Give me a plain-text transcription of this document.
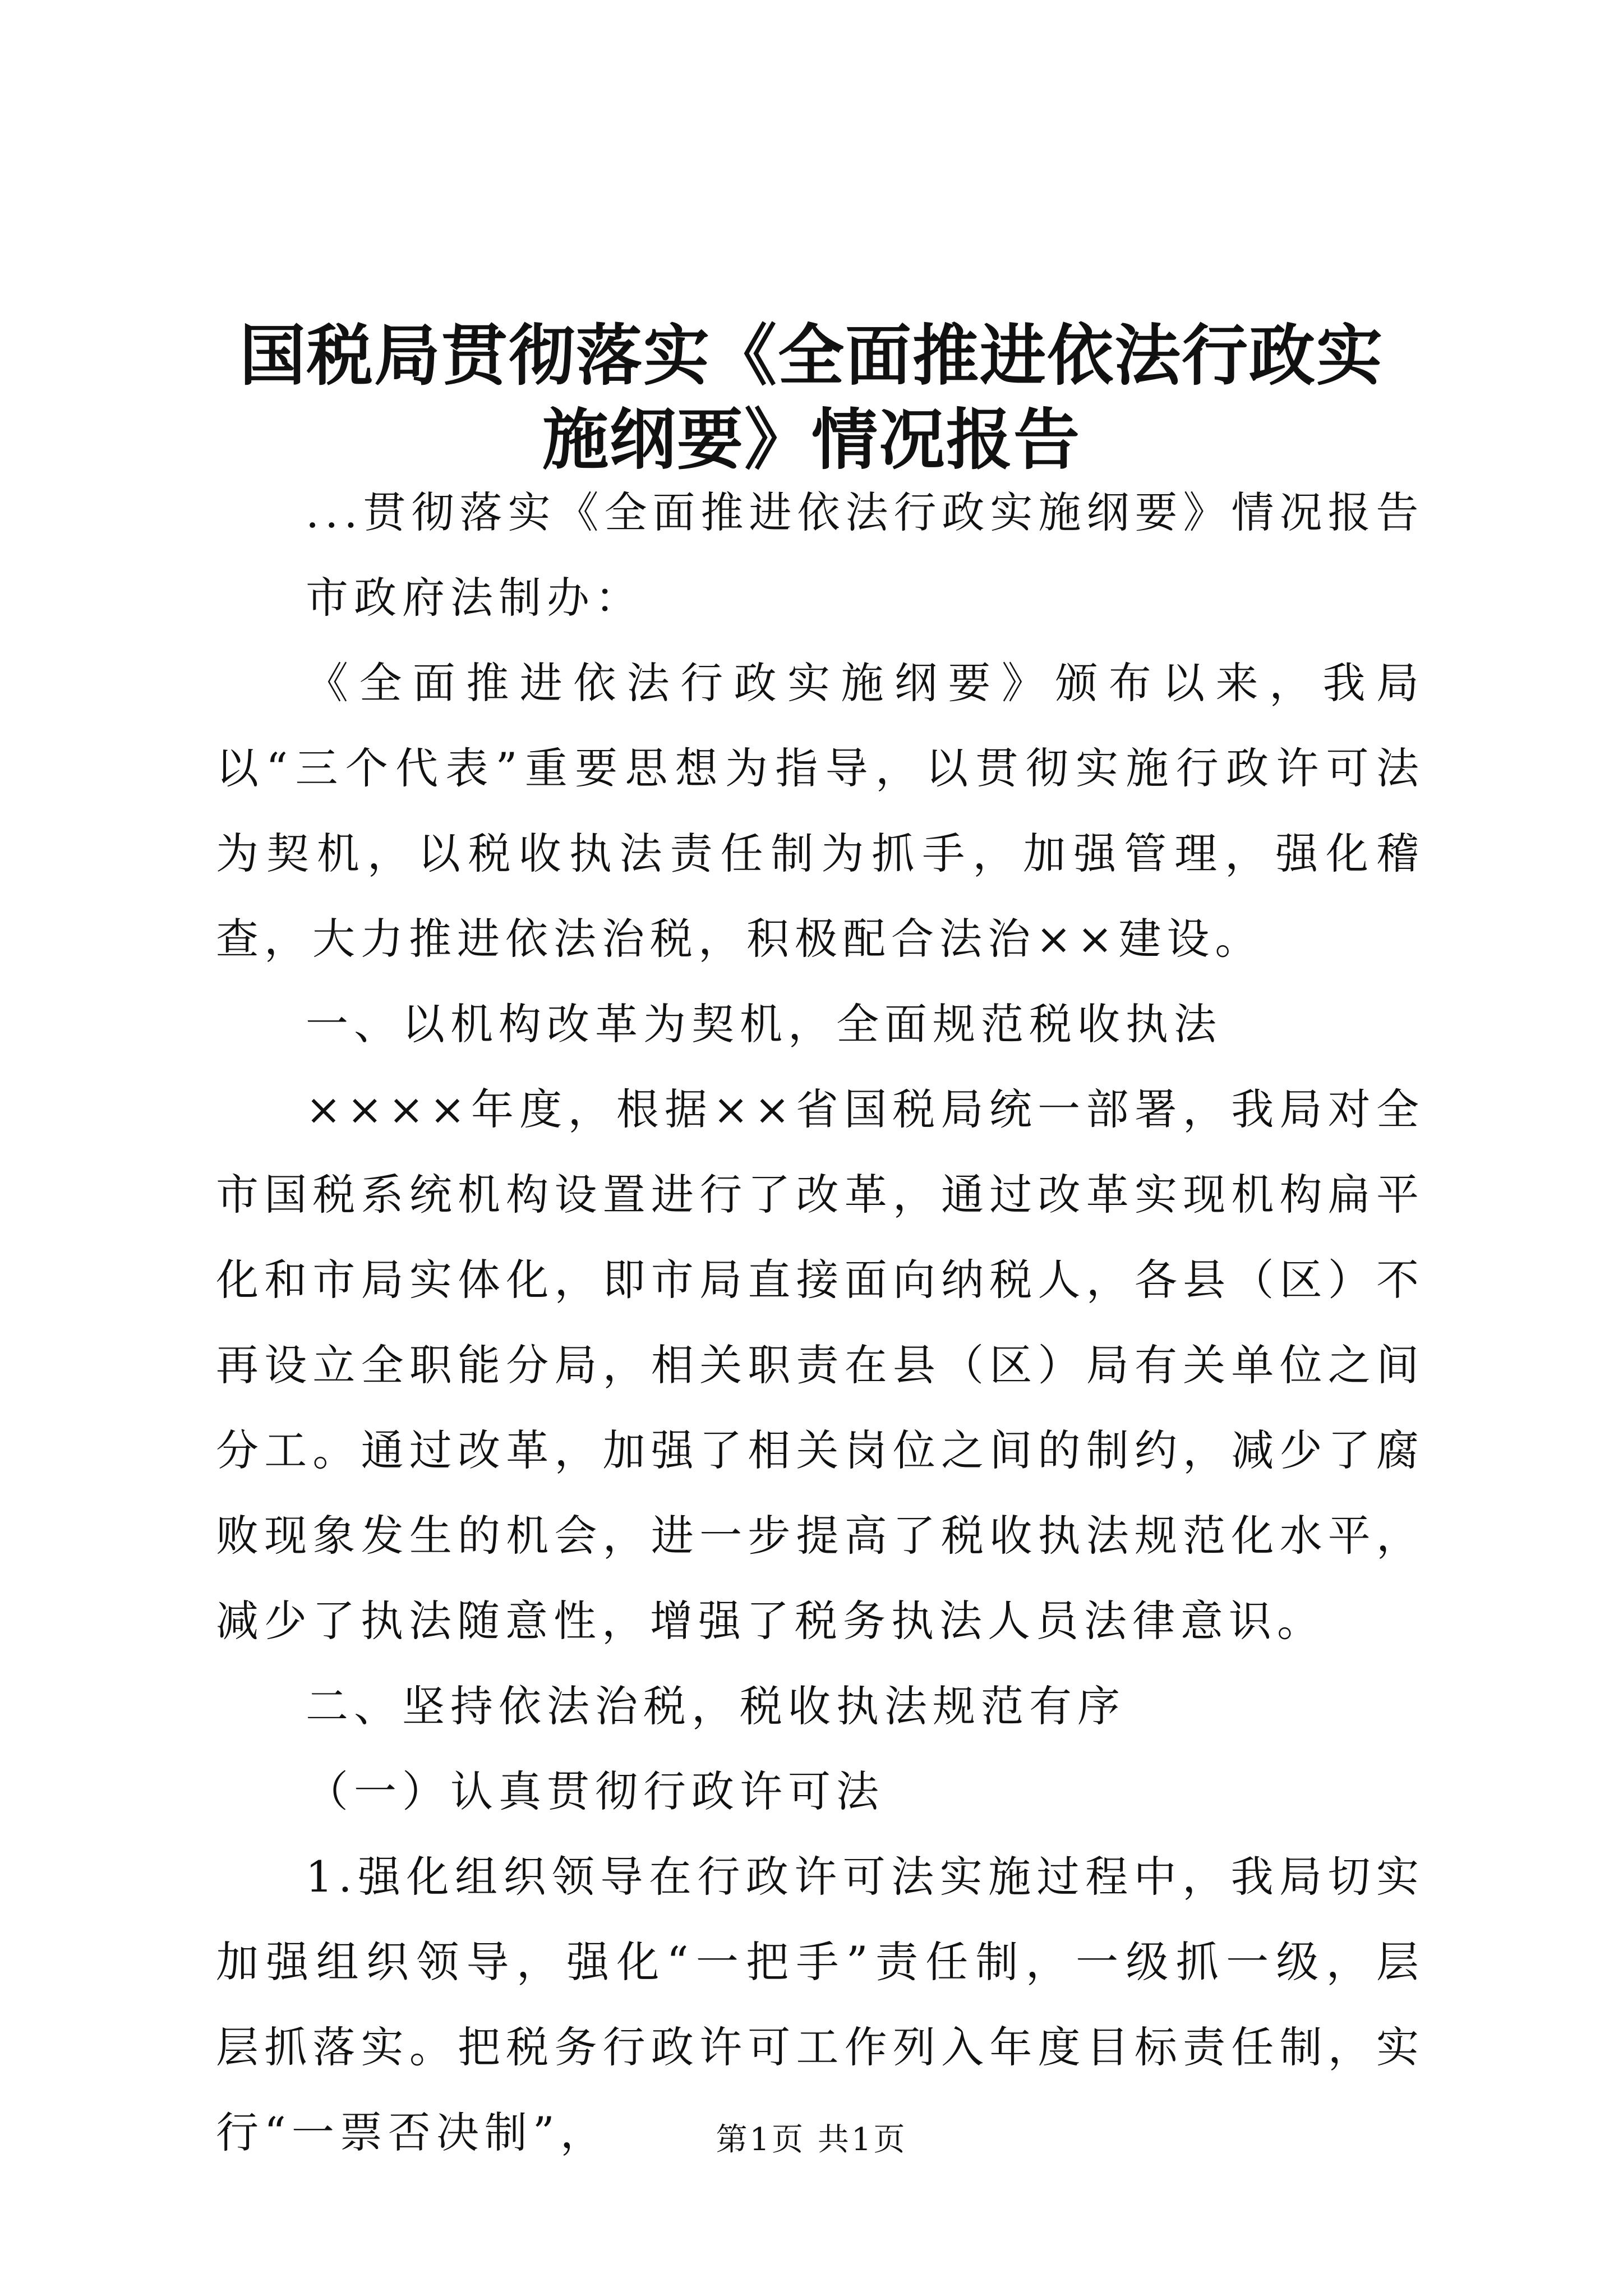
国税局贯彻落实《全面推进依法行政实施纲要》情况报告

...贯彻落实《全面推进依法行政实施纲要》情况报告

市政府法制办：

《全面推进依法行政实施纲要》颁布以来，我局以“三个代表”重要思想为指导，以贯彻实施行政许可法为契机，以税收执法责任制为抓手，加强管理，强化稽查，大力推进依法治税，积极配合法治××建设。

一、以机构改革为契机，全面规范税收执法

××××年度，根据××省国税局统一部署，我局对全市国税系统机构设置进行了改革，通过改革实现机构扁平化和市局实体化，即市局直接面向纳税人，各县（区）不再设立全职能分局，相关职责在县（区）局有关单位之间分工。通过改革，加强了相关岗位之间的制约，减少了腐败现象发生的机会，进一步提高了税收执法规范化水平，减少了执法随意性，增强了税务执法人员法律意识。

二、坚持依法治税，税收执法规范有序

（一）认真贯彻行政许可法

1.强化组织领导在行政许可法实施过程中，我局切实加强组织领导，强化“一把手”责任制，一级抓一级，层层抓落实。把税务行政许可工作列入年度目标责任制，实行“一票否决制”，	第1页 共1页
